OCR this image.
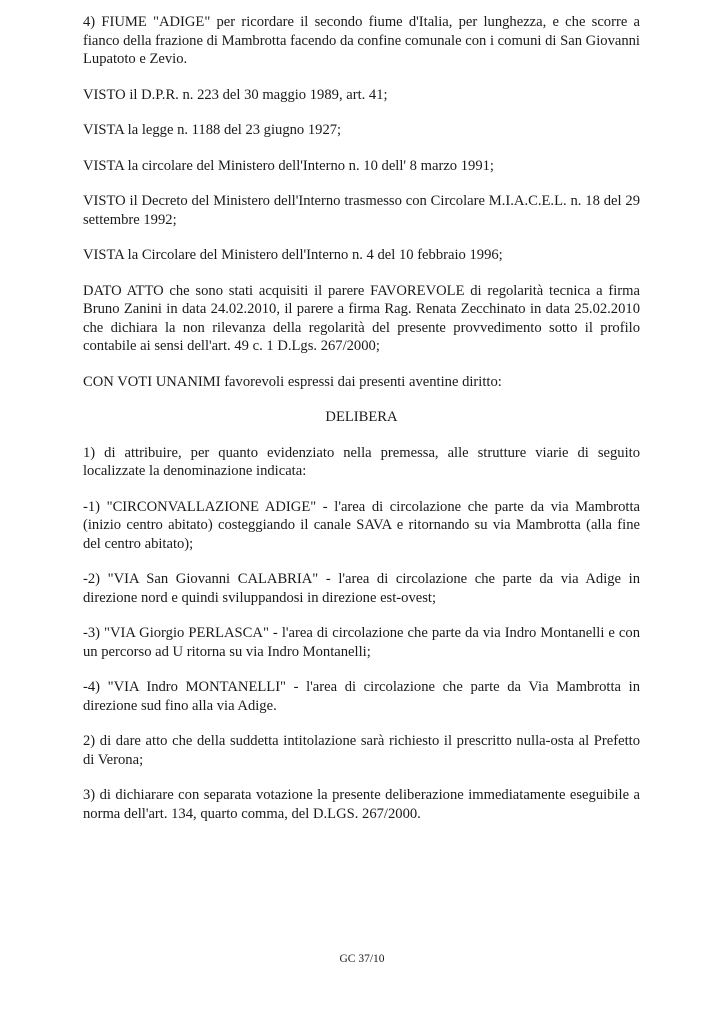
4) FIUME "ADIGE" per ricordare il secondo fiume d'Italia, per lunghezza, e che scorre a fianco della frazione di Mambrotta facendo da confine comunale con i comuni di San Giovanni Lupatoto e Zevio.

VISTO il D.P.R. n. 223 del 30 maggio 1989, art. 41;

VISTA la legge n. 1188 del 23 giugno 1927;

VISTA la circolare del Ministero dell'Interno n. 10 dell' 8 marzo 1991;

VISTO il Decreto del Ministero dell'Interno trasmesso con Circolare M.I.A.C.E.L. n. 18 del 29 settembre 1992;

VISTA la Circolare del Ministero dell'Interno n. 4 del 10 febbraio 1996;

DATO ATTO che sono stati acquisiti il parere FAVOREVOLE di regolarità tecnica a firma Bruno Zanini in data 24.02.2010, il parere a firma Rag. Renata Zecchinato in data 25.02.2010 che dichiara la non rilevanza della regolarità del presente provvedimento sotto il profilo contabile ai sensi dell'art. 49 c. 1 D.Lgs. 267/2000;

CON VOTI UNANIMI favorevoli espressi dai presenti aventine diritto:

DELIBERA

1) di attribuire, per quanto evidenziato nella premessa, alle strutture viarie di seguito localizzate la denominazione indicata:

-1) "CIRCONVALLAZIONE ADIGE" - l'area di circolazione che parte da via Mambrotta (inizio centro abitato) costeggiando il canale SAVA e ritornando su via Mambrotta (alla fine del centro abitato);

-2) "VIA San Giovanni CALABRIA" - l'area di circolazione che parte da via Adige in direzione nord e quindi sviluppandosi in direzione est-ovest;

-3) "VIA Giorgio PERLASCA" - l'area di circolazione che parte da via Indro Montanelli e con un percorso ad U ritorna su via Indro Montanelli;

-4) "VIA Indro MONTANELLI" - l'area di circolazione che parte da Via Mambrotta in direzione sud fino alla via Adige.

2) di dare atto che della suddetta intitolazione sarà richiesto il prescritto nulla-osta al Prefetto di Verona;

3) di dichiarare con separata votazione la presente deliberazione immediatamente eseguibile a norma dell'art. 134, quarto comma, del D.LGS. 267/2000.

GC 37/10
